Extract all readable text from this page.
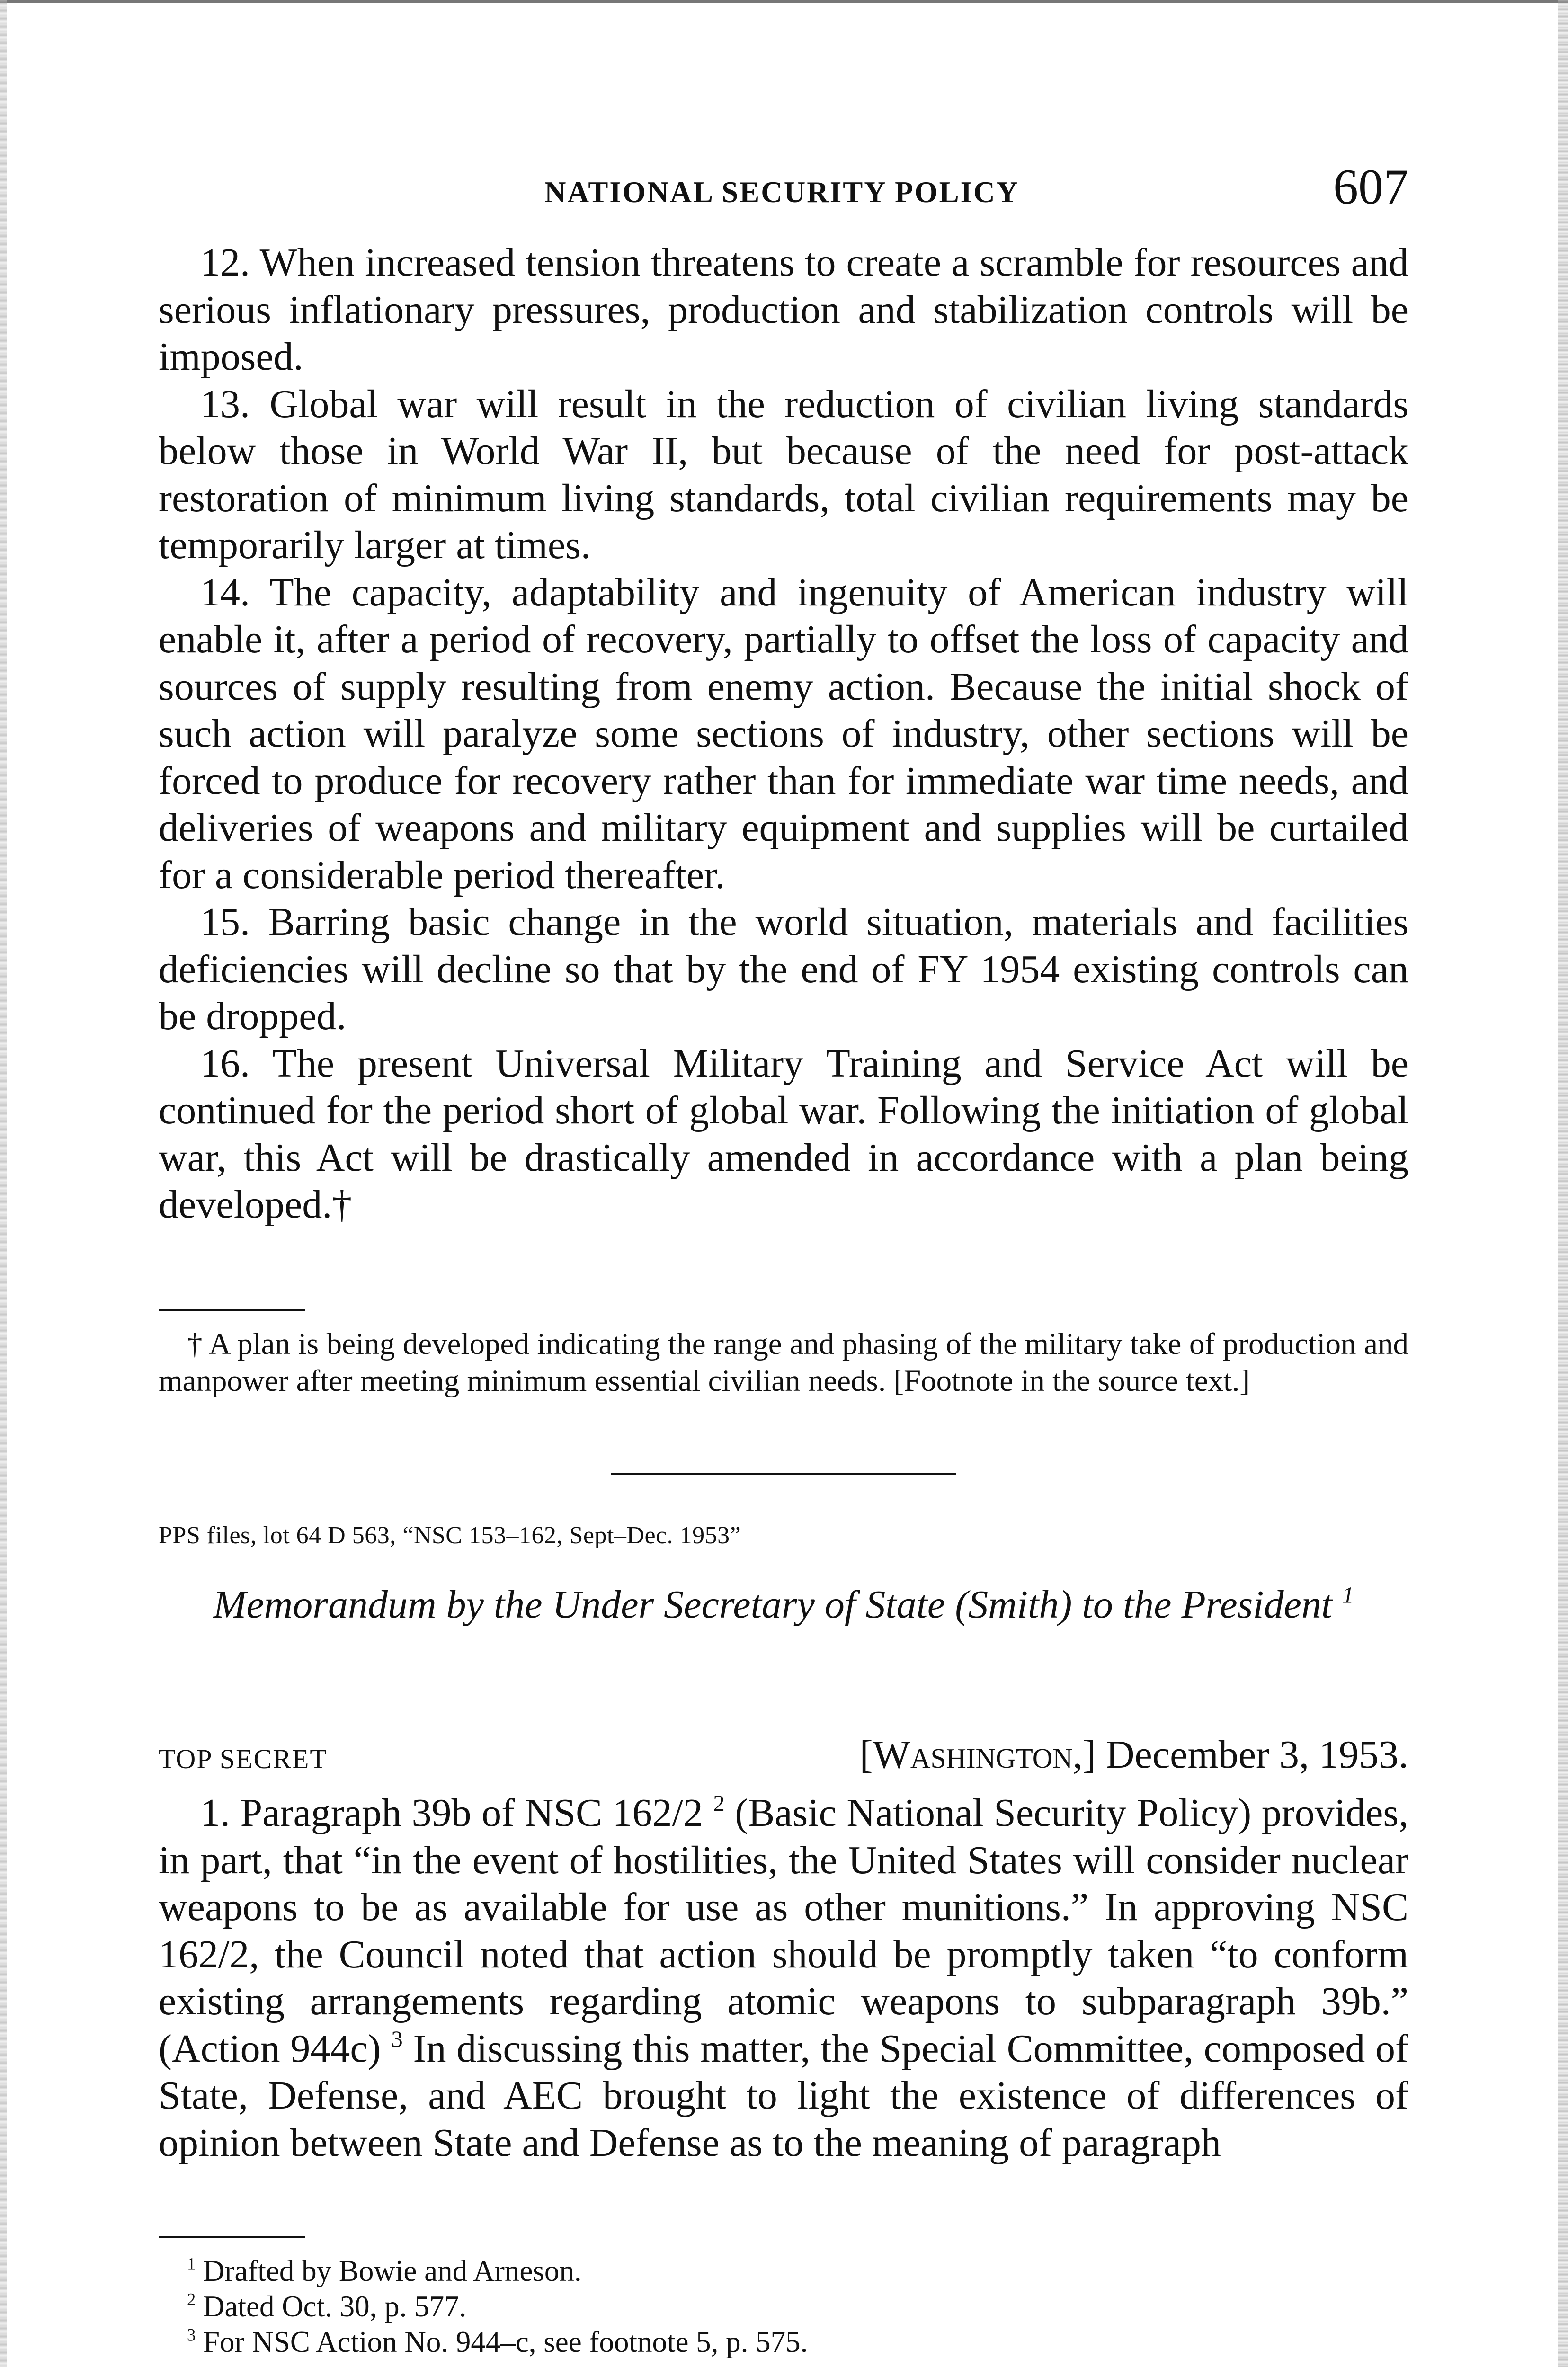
NATIONAL SECURITY POLICY	607

12. When increased tension threatens to create a scramble for resources and serious inflationary pressures, production and stabilization controls will be imposed.

13. Global war will result in the reduction of civilian living standards below those in World War II, but because of the need for post-attack restoration of minimum living standards, total civilian requirements may be temporarily larger at times.

14. The capacity, adaptability and ingenuity of American industry will enable it, after a period of recovery, partially to offset the loss of capacity and sources of supply resulting from enemy action. Because the initial shock of such action will paralyze some sections of industry, other sections will be forced to produce for recovery rather than for immediate war time needs, and deliveries of weapons and military equipment and supplies will be curtailed for a considerable period thereafter.

15. Barring basic change in the world situation, materials and facilities deficiencies will decline so that by the end of FY 1954 existing controls can be dropped.

16. The present Universal Military Training and Service Act will be continued for the period short of global war. Following the initiation of global war, this Act will be drastically amended in accordance with a plan being developed.†

† A plan is being developed indicating the range and phasing of the military take of production and manpower after meeting minimum essential civilian needs. [Footnote in the source text.]

PPS files, lot 64 D 563, “NSC 153–162, Sept–Dec. 1953”
Memorandum by the Under Secretary of State (Smith) to the President $^1$
TOP SECRET	[Washington,] December 3, 1953.

1. Paragraph 39b of NSC 162/2 $^2$ (Basic National Security Policy) provides, in part, that “in the event of hostilities, the United States will consider nuclear weapons to be as available for use as other munitions.” In approving NSC 162/2, the Council noted that action should be promptly taken “to conform existing arrangements regarding atomic weapons to subparagraph 39b.” (Action 944c) $^3$ In discussing this matter, the Special Committee, composed of State, Defense, and AEC brought to light the existence of differences of opinion between State and Defense as to the meaning of paragraph

$^1$ Drafted by Bowie and Arneson.

$^2$ Dated Oct. 30, p. 577.

$^3$ For NSC Action No. 944–c, see footnote 5, p. 575.
